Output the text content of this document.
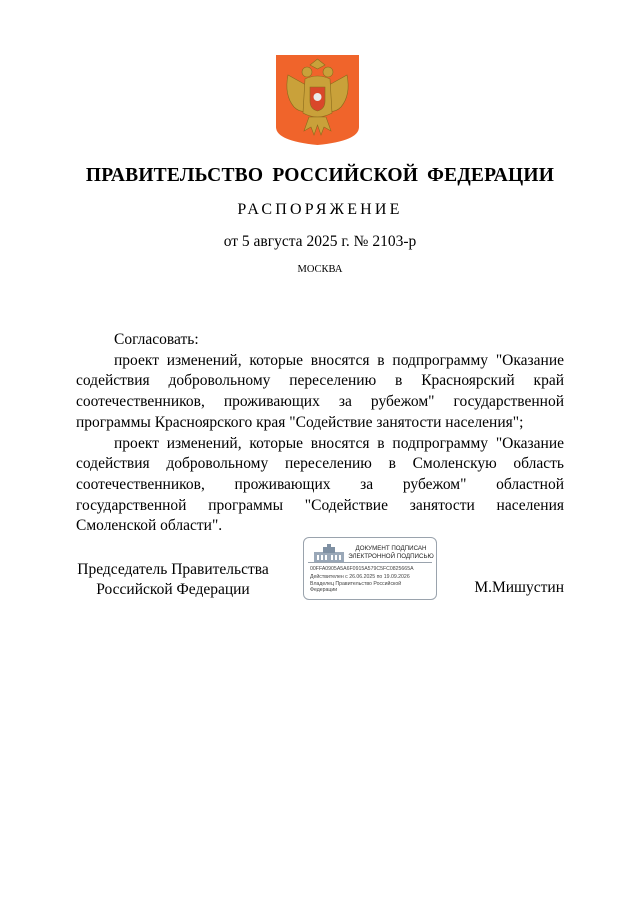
ПРАВИТЕЛЬСТВО РОССИЙСКОЙ ФЕДЕРАЦИИ
РАСПОРЯЖЕНИЕ
от 5 августа 2025 г. № 2103-р
МОСКВА

Согласовать:

проект изменений, которые вносятся в подпрограмму "Оказание содействия добровольному переселению в Красноярский край соотечественников, проживающих за рубежом" государственной программы Красноярского края "Содействие занятости населения";

проект изменений, которые вносятся в подпрограмму "Оказание содействия добровольному переселению в Смоленскую область соотечественников, проживающих за рубежом" областной государственной программы "Содействие занятости населения Смоленской области".

Председатель Правительства
Российской Федерации
ДОКУМЕНТ ПОДПИСАН
ЭЛЕКТРОННОЙ ПОДПИСЬЮ
00FFA0905A5A6F0915A579C5FC0825665A
Действителен с 26.06.2025 по 19.09.2026
Владелец Правительство Российской
Федерации	М.Мишустин
